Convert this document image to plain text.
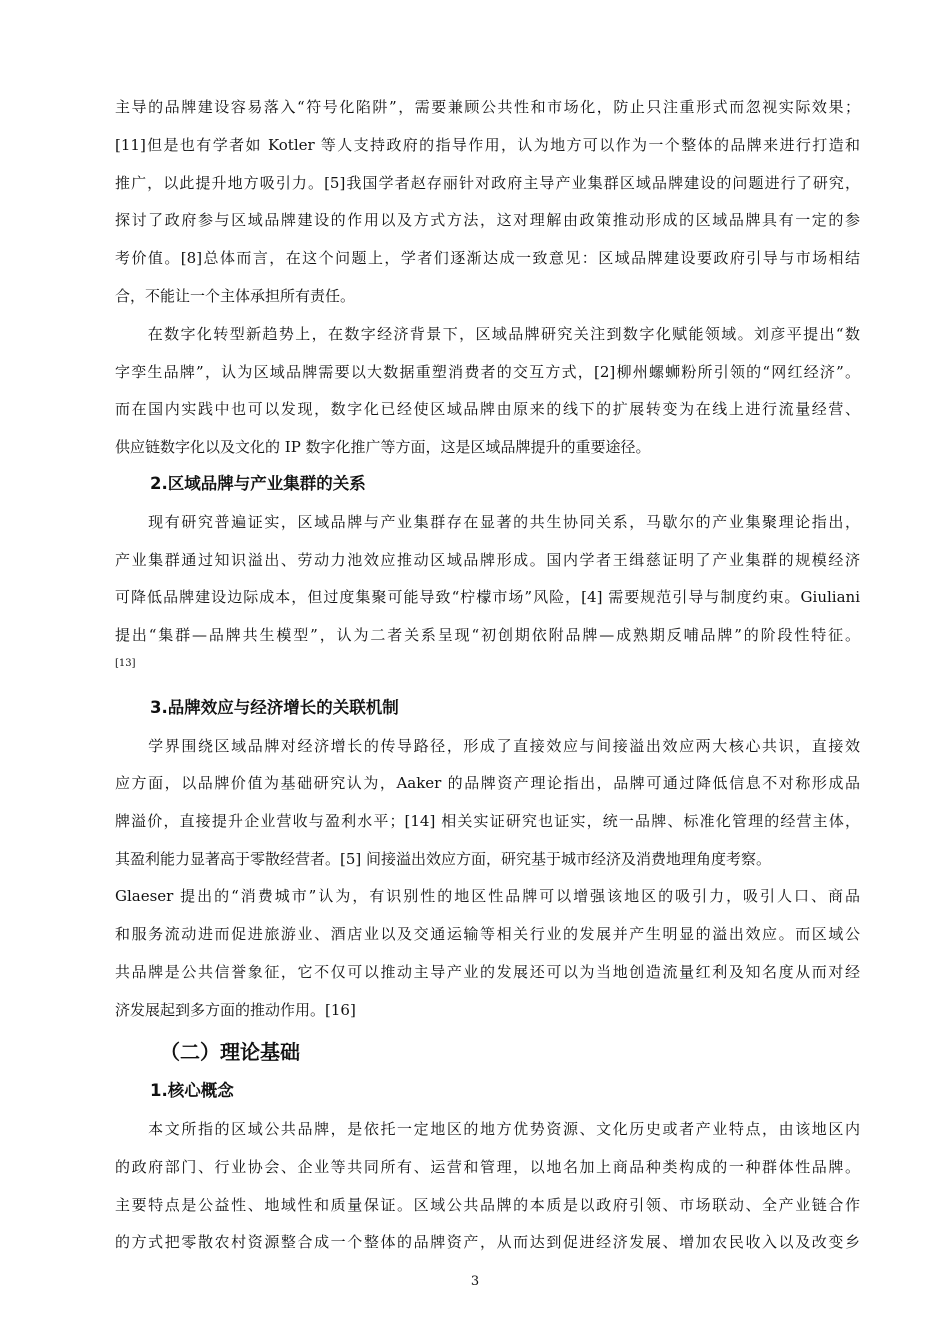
主导的品牌建设容易落入“符号化陷阱”，需要兼顾公共性和市场化，防止只注重形式而忽视实际效果；
[11]但是也有学者如 Kotler 等人支持政府的指导作用，认为地方可以作为一个整体的品牌来进行打造和
推广，以此提升地方吸引力。[5]我国学者赵存丽针对政府主导产业集群区域品牌建设的问题进行了研究，
探讨了政府参与区域品牌建设的作用以及方式方法，这对理解由政策推动形成的区域品牌具有一定的参
考价值。[8]总体而言，在这个问题上，学者们逐渐达成一致意见：区域品牌建设要政府引导与市场相结
合，不能让一个主体承担所有责任。
　　在数字化转型新趋势上，在数字经济背景下，区域品牌研究关注到数字化赋能领域。刘彦平提出“数
字孪生品牌”，认为区域品牌需要以大数据重塑消费者的交互方式，[2]柳州螺蛳粉所引领的“网红经济”。
而在国内实践中也可以发现，数字化已经使区域品牌由原来的线下的扩展转变为在线上进行流量经营、
供应链数字化以及文化的 IP 数字化推广等方面，这是区域品牌提升的重要途径。
2.区域品牌与产业集群的关系
　　现有研究普遍证实，区域品牌与产业集群存在显著的共生协同关系，马歇尔的产业集聚理论指出，
产业集群通过知识溢出、劳动力池效应推动区域品牌形成。国内学者王缉慈证明了产业集群的规模经济
可降低品牌建设边际成本，但过度集聚可能导致“柠檬市场”风险，[4] 需要规范引导与制度约束。Giuliani
提出“集群—品牌共生模型”，认为二者关系呈现“初创期依附品牌—成熟期反哺品牌”的阶段性特征。
[13]
3.品牌效应与经济增长的关联机制
　　学界围绕区域品牌对经济增长的传导路径，形成了直接效应与间接溢出效应两大核心共识，直接效
应方面，以品牌价值为基础研究认为，Aaker 的品牌资产理论指出，品牌可通过降低信息不对称形成品
牌溢价，直接提升企业营收与盈利水平；[14] 相关实证研究也证实，统一品牌、标准化管理的经营主体，
其盈利能力显著高于零散经营者。[5] 间接溢出效应方面，研究基于城市经济及消费地理角度考察。
Glaeser 提出的“消费城市”认为，有识别性的地区性品牌可以增强该地区的吸引力，吸引人口、商品
和服务流动进而促进旅游业、酒店业以及交通运输等相关行业的发展并产生明显的溢出效应。而区域公
共品牌是公共信誉象征，它不仅可以推动主导产业的发展还可以为当地创造流量红利及知名度从而对经
济发展起到多方面的推动作用。[16]
（二）理论基础
1.核心概念
　　本文所指的区域公共品牌，是依托一定地区的地方优势资源、文化历史或者产业特点，由该地区内
的政府部门、行业协会、企业等共同所有、运营和管理，以地名加上商品种类构成的一种群体性品牌。
主要特点是公益性、地域性和质量保证。区域公共品牌的本质是以政府引领、市场联动、全产业链合作
的方式把零散农村资源整合成一个整体的品牌资产，从而达到促进经济发展、增加农民收入以及改变乡
3
